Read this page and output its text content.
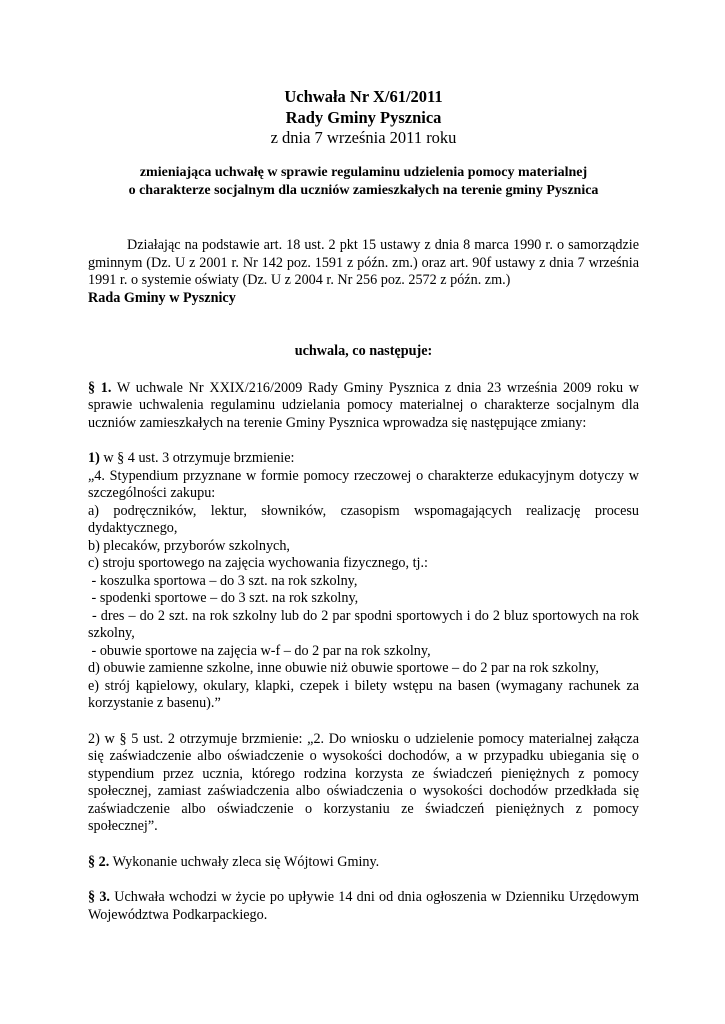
Uchwała Nr X/61/2011

Rady Gminy Pysznica

z dnia 7 września 2011 roku

zmieniająca uchwałę w sprawie regulaminu udzielenia pomocy materialnej
o charakterze socjalnym dla uczniów zamieszkałych na terenie gminy Pysznica

Działając na podstawie art. 18 ust. 2 pkt 15 ustawy z dnia 8 marca 1990 r. o samorządzie gminnym (Dz. U z 2001 r. Nr 142 poz. 1591 z późn. zm.) oraz art. 90f ustawy z dnia 7 września 1991 r. o systemie oświaty (Dz. U z 2004 r. Nr 256 poz. 2572 z późn. zm.)

Rada Gminy w Pysznicy

uchwala, co następuje:

§ 1. W uchwale Nr XXIX/216/2009 Rady Gminy Pysznica z dnia 23 września 2009 roku w sprawie uchwalenia regulaminu udzielania pomocy materialnej o charakterze socjalnym dla uczniów zamieszkałych na terenie Gminy Pysznica wprowadza się następujące zmiany:

1) w § 4 ust. 3 otrzymuje brzmienie:

„4. Stypendium przyznane w formie pomocy rzeczowej o charakterze edukacyjnym dotyczy w szczególności zakupu:

a) podręczników, lektur, słowników, czasopism wspomagających realizację procesu dydaktycznego,

b) plecaków, przyborów szkolnych,

c) stroju sportowego na zajęcia wychowania fizycznego, tj.:

- koszulka sportowa – do 3 szt. na rok szkolny,

- spodenki sportowe – do 3 szt. na rok szkolny,

- dres – do 2 szt. na rok szkolny lub do 2 par spodni sportowych i do 2 bluz sportowych na rok szkolny,

- obuwie sportowe na zajęcia w-f – do 2 par na rok szkolny,

d) obuwie zamienne szkolne, inne obuwie niż obuwie sportowe – do 2 par na rok szkolny,

e) strój kąpielowy, okulary, klapki, czepek i bilety wstępu na basen (wymagany rachunek za korzystanie z basenu).”

2) w § 5 ust. 2 otrzymuje brzmienie: „2. Do wniosku o udzielenie pomocy materialnej załącza się zaświadczenie albo oświadczenie o wysokości dochodów, a w przypadku ubiegania się o stypendium przez ucznia, którego rodzina korzysta ze świadczeń pieniężnych z pomocy społecznej, zamiast zaświadczenia albo oświadczenia o wysokości dochodów przedkłada się zaświadczenie albo oświadczenie o korzystaniu ze świadczeń pieniężnych z pomocy społecznej”.

§ 2. Wykonanie uchwały zleca się Wójtowi Gminy.

§ 3. Uchwała wchodzi w życie po upływie 14 dni od dnia ogłoszenia w Dzienniku Urzędowym Województwa Podkarpackiego.
